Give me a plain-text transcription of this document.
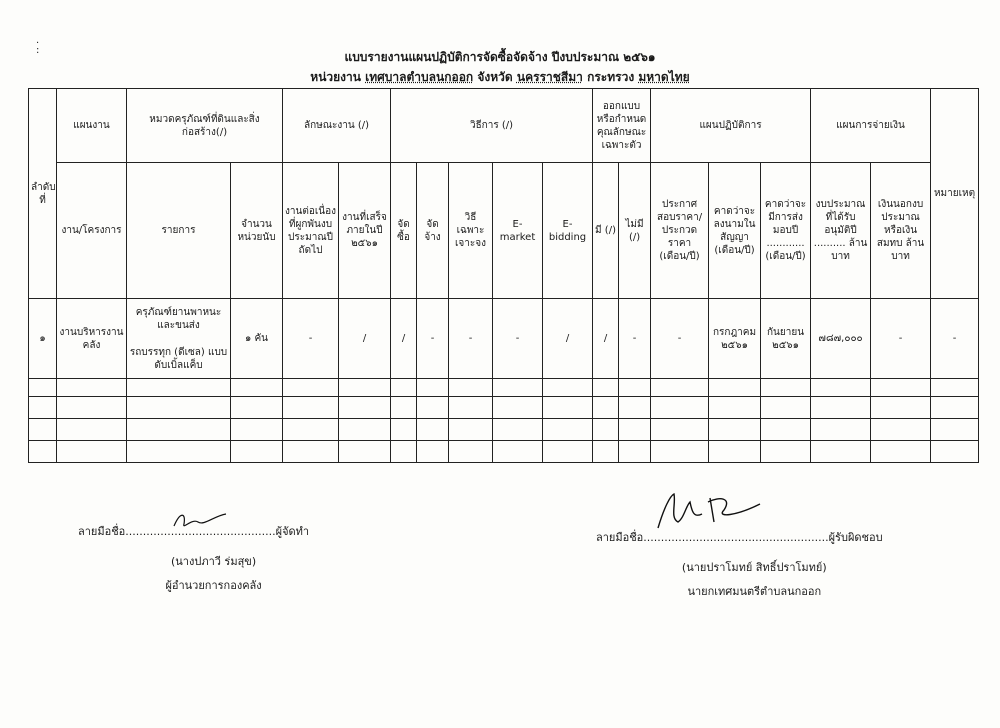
·
:	แบบรายงานแผนปฏิบัติการจัดซื้อจัดจ้าง ปีงบประมาณ ๒๕๖๑
หน่วยงาน เทศบาลตำบลนกออก จังหวัด นครราชสีมา กระทรวง มหาดไทย
ลำดับที่	แผนงาน	หมวดครุภัณฑ์ที่ดินและสิ่งก่อสร้าง(/)		ลักษณะงาน (/)		วิธีการ (/)					ออกแบบหรือกำหนดคุณลักษณะเฉพาะตัว		แผนปฏิบัติการ			แผนการจ่ายเงิน		หมายเหตุ
	งาน/โครงการ	รายการ	จำนวนหน่วยนับ	งานต่อเนื่องที่ผูกพันงบประมาณปีถัดไป	งานที่เสร็จภายในปี ๒๕๖๑	จัดซื้อ	จัดจ้าง	วิธีเฉพาะเจาะจง	E-market	E-bidding	มี (/)	ไม่มี (/)	ประกาศสอบราคา/ประกวดราคา (เดือน/ปี)	คาดว่าจะลงนามในสัญญา (เดือน/ปี)	คาดว่าจะมีการส่งมอบปี ............ (เดือน/ปี)	งบประมาณที่ได้รับอนุมัติปี .......... ล้านบาท	เงินนอกงบประมาณหรือเงินสมทบ ล้านบาท	
๑	งานบริหารงานคลัง	ครุภัณฑ์ยานพาหนะและขนส่ง
รถบรรทุก (ดีเซล) แบบดับเบิ้ลแค็บ	๑ คัน	-	/	/	-	-	-	/	/	-	-	กรกฎาคม ๒๕๖๑	กันยายน ๒๕๖๑	๗๘๗,๐๐๐	-	-

ลายมือชื่อ...........................................ผู้จัดทำ
(นางปภาวี ร่มสุข)
ผู้อำนวยการกองคลัง
ลายมือชื่อ.....................................................ผู้รับผิดชอบ
(นายปราโมทย์ สิทธิ์ปราโมทย์)
นายกเทศมนตรีตำบลนกออก
